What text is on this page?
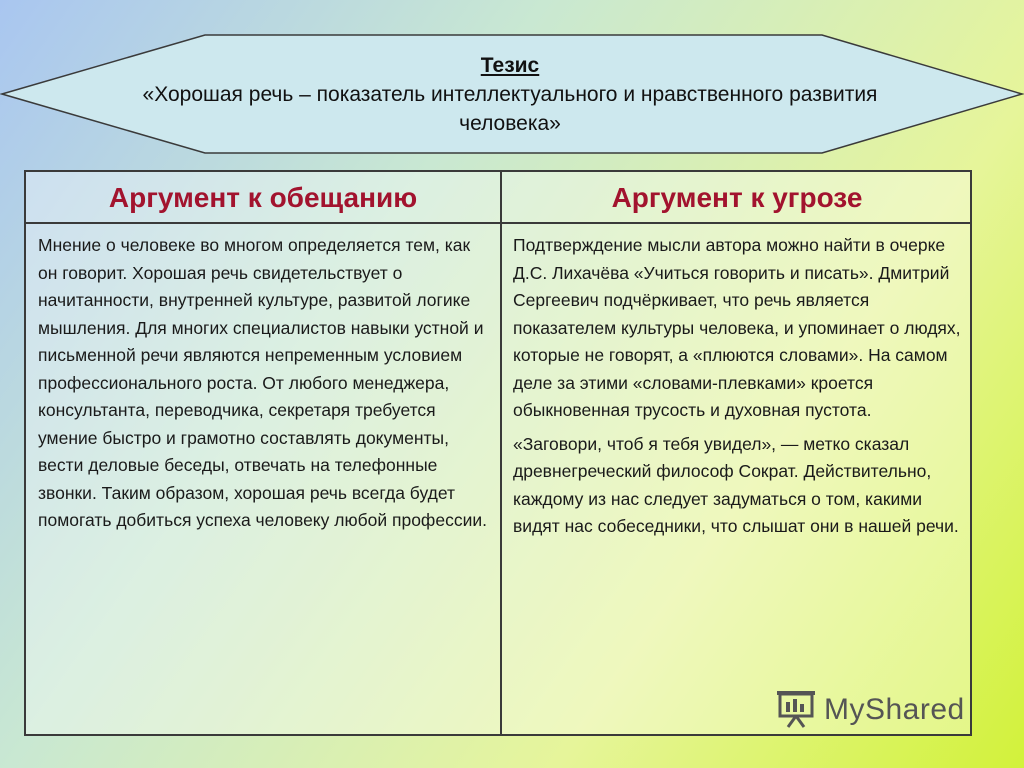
Тезис
«Хорошая речь – показатель интеллектуального и нравственного развития человека»
Аргумент к обещанию	Аргумент к угрозе

Мнение о человеке во многом определяется тем, как он говорит. Хорошая речь свидетельствует о начитанности, внутренней культуре, развитой логике мышления. Для многих специалистов навыки устной и письменной речи являются непременным условием профессионального роста. От любого менеджера, консультанта, переводчика, секретаря требуется умение быстро и грамотно составлять документы, вести деловые беседы, отвечать на телефонные звонки. Таким образом, хорошая речь всегда будет помогать добиться успеха человеку любой профессии.

Подтверждение мысли автора можно найти в очерке Д.С. Лихачёва «Учиться говорить и писать». Дмитрий Сергеевич подчёркивает, что речь является показателем культуры человека, и упоминает о людях, которые не говорят, а «плюются словами». На самом деле за этими «словами-плевками» кроется обыкновенная трусость и духовная пустота.

«Заговори, чтоб я тебя увидел», — метко сказал древнегреческий философ Сократ. Действительно, каждому из нас следует задуматься о том, какими видят нас собеседники, что слышат они в нашей речи.

MyShared
